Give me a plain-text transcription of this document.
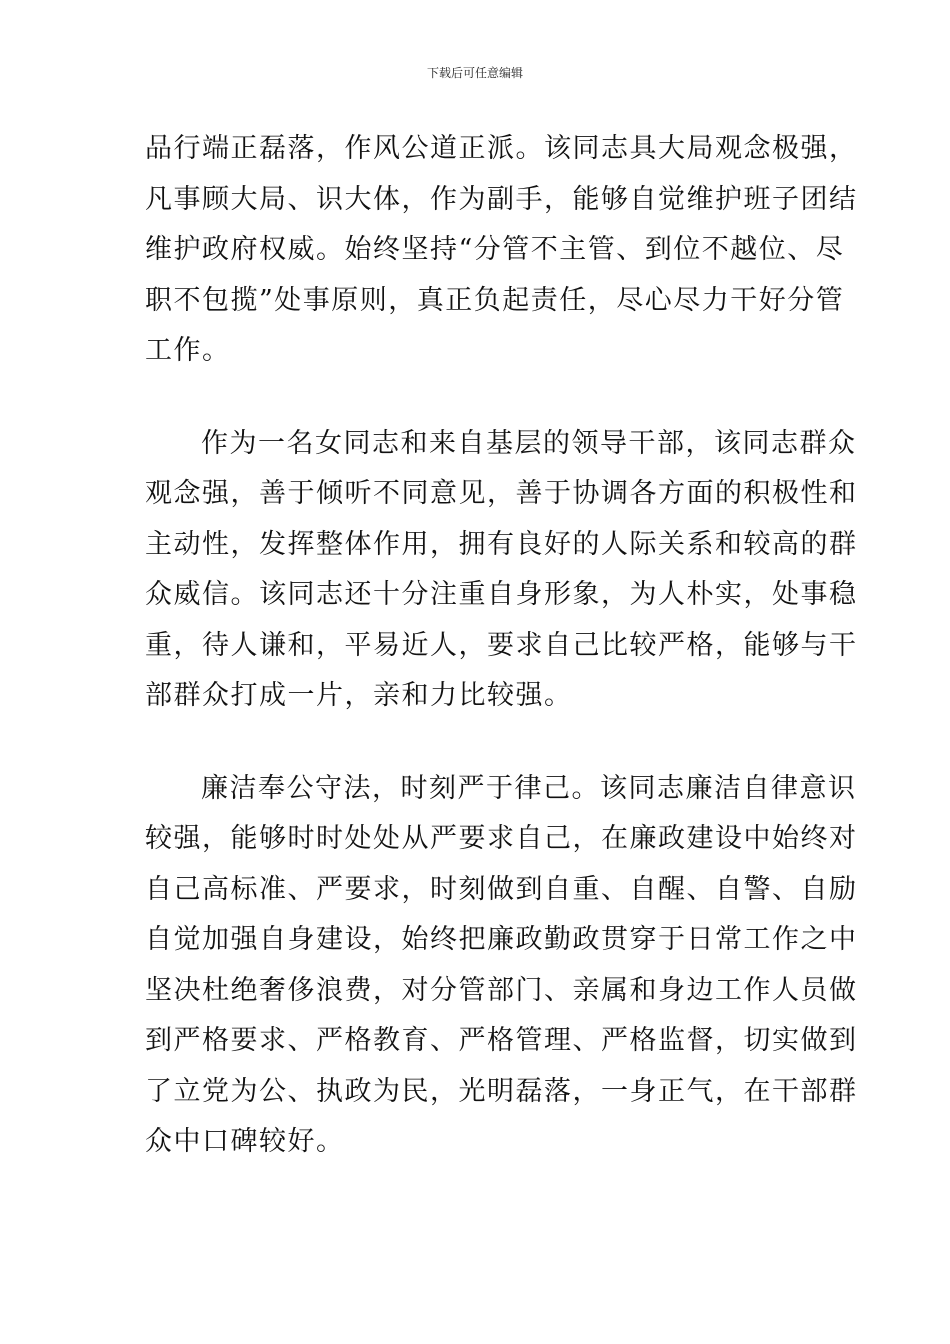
下载后可任意编辑

品行端正磊落，作风公道正派。该同志具大局观念极强，
凡事顾大局、识大体，作为副手，能够自觉维护班子团结
维护政府权威。始终坚持“分管不主管、到位不越位、尽
职不包揽”处事原则，真正负起责任，尽心尽力干好分管
工作。

作为一名女同志和来自基层的领导干部，该同志群众
观念强，善于倾听不同意见，善于协调各方面的积极性和
主动性，发挥整体作用，拥有良好的人际关系和较高的群
众威信。该同志还十分注重自身形象，为人朴实，处事稳
重，待人谦和，平易近人，要求自己比较严格，能够与干
部群众打成一片，亲和力比较强。

廉洁奉公守法，时刻严于律己。该同志廉洁自律意识
较强，能够时时处处从严要求自己，在廉政建设中始终对
自己高标准、严要求，时刻做到自重、自醒、自警、自励
自觉加强自身建设，始终把廉政勤政贯穿于日常工作之中
坚决杜绝奢侈浪费，对分管部门、亲属和身边工作人员做
到严格要求、严格教育、严格管理、严格监督，切实做到
了立党为公、执政为民，光明磊落，一身正气，在干部群
众中口碑较好。
